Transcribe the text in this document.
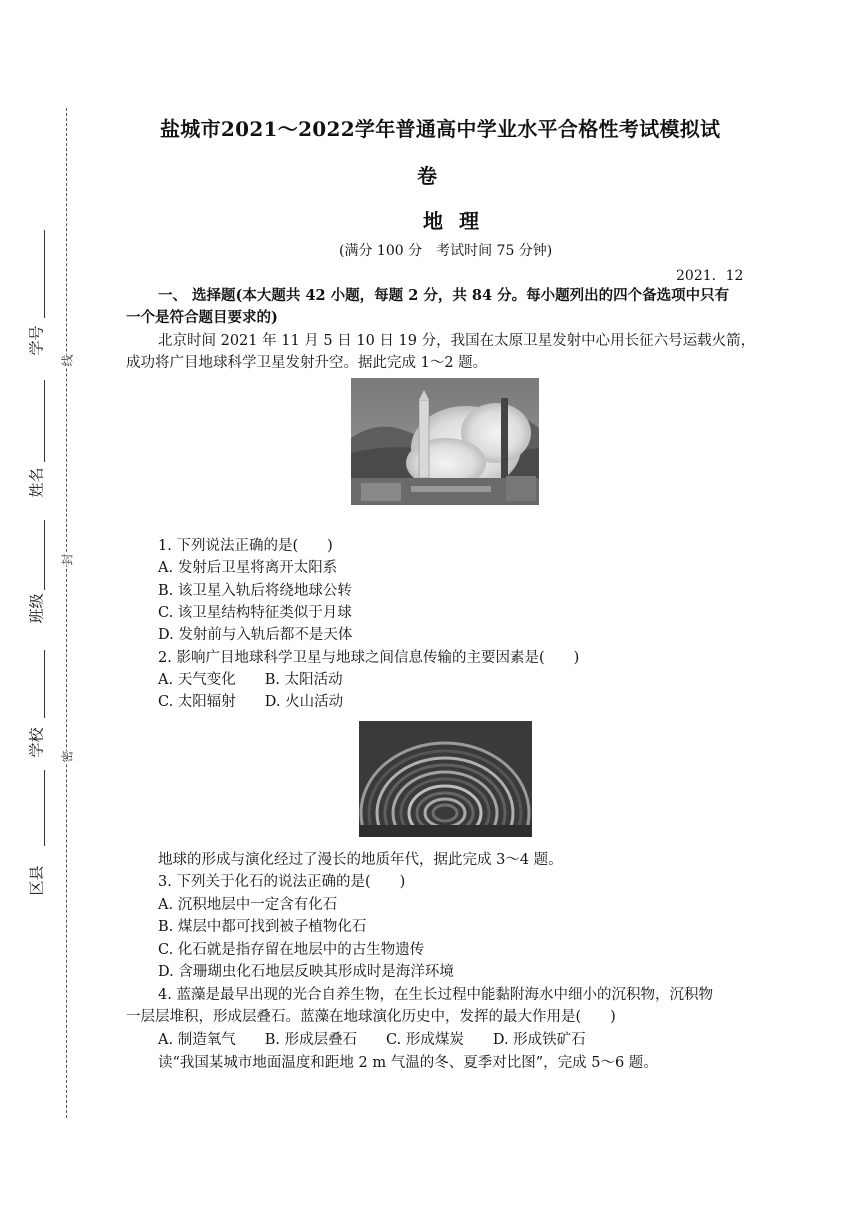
学号
姓名
班级
学校
区县
线
封
密
盐城市2021～2022学年普通高中学业水平合格性考试模拟试
卷
地理
(满分 100 分　考试时间 75 分钟)
2021．12
一、 选择题(本大题共 42 小题，每题 2 分，共 84 分。每小题列出的四个备选项中只有
一个是符合题目要求的)
北京时间 2021 年 11 月 5 日 10 日 19 分，我国在太原卫星发射中心用长征六号运载火箭，
成功将广目地球科学卫星发射升空。据此完成 1～2 题。
1. 下列说法正确的是(　　)
A. 发射后卫星将离开太阳系
B. 该卫星入轨后将绕地球公转
C. 该卫星结构特征类似于月球
D. 发射前与入轨后都不是天体
2. 影响广目地球科学卫星与地球之间信息传输的主要因素是(　　)
A. 天气变化　　B. 太阳活动
C. 太阳辐射　　D. 火山活动
地球的形成与演化经过了漫长的地质年代，据此完成 3～4 题。
3. 下列关于化石的说法正确的是(　　)
A. 沉积地层中一定含有化石
B. 煤层中都可找到被子植物化石
C. 化石就是指存留在地层中的古生物遗传
D. 含珊瑚虫化石地层反映其形成时是海洋环境
4. 蓝藻是最早出现的光合自养生物，在生长过程中能黏附海水中细小的沉积物，沉积物
一层层堆积，形成层叠石。蓝藻在地球演化历史中，发挥的最大作用是(　　)
A. 制造氧气　　B. 形成层叠石　　C. 形成煤炭　　D. 形成铁矿石
读“我国某城市地面温度和距地 2 m 气温的冬、夏季对比图”，完成 5～6 题。
